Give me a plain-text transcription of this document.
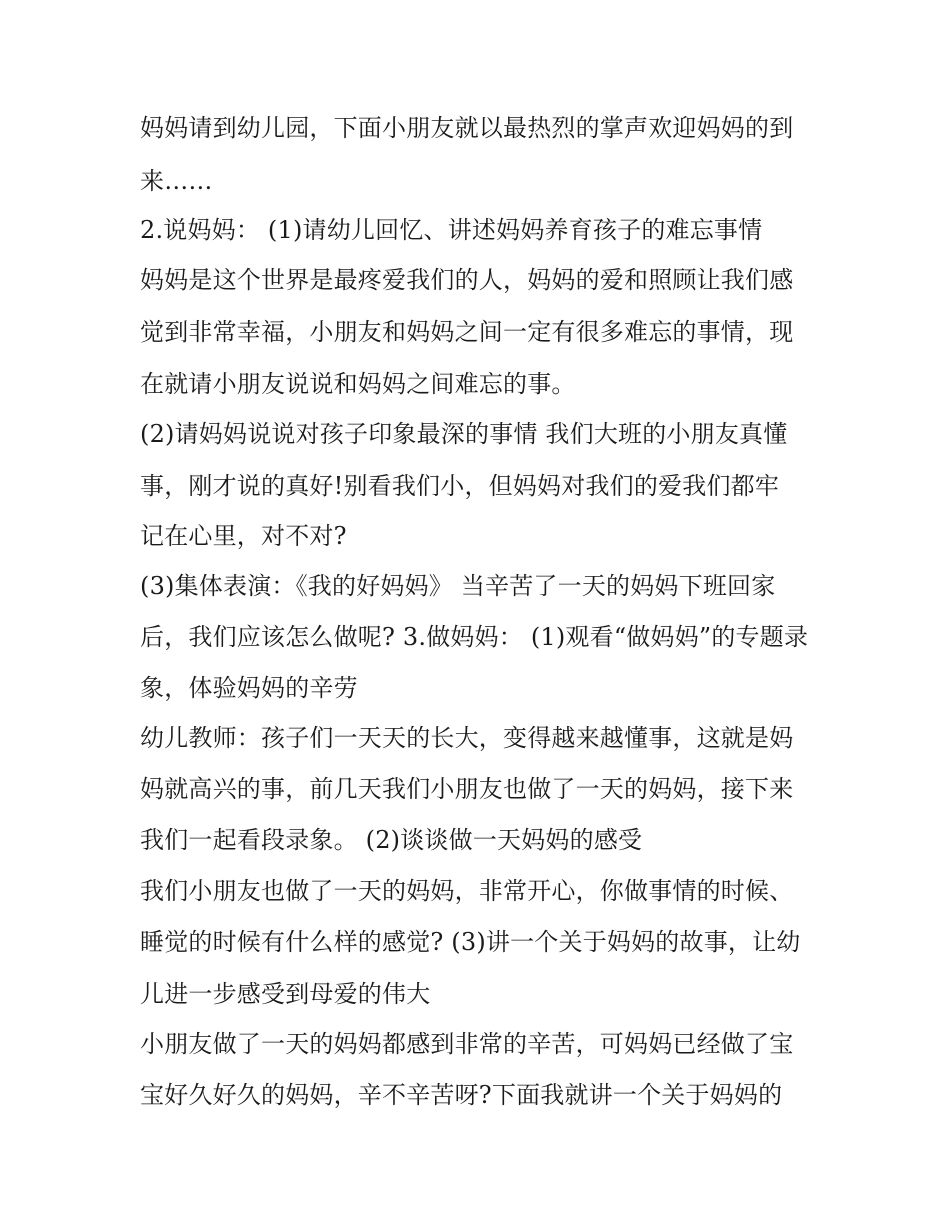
妈妈请到幼儿园，下面小朋友就以最热烈的掌声欢迎妈妈的到
来……
2.说妈妈： (1)请幼儿回忆、讲述妈妈养育孩子的难忘事情
妈妈是这个世界是最疼爱我们的人，妈妈的爱和照顾让我们感
觉到非常幸福，小朋友和妈妈之间一定有很多难忘的事情，现
在就请小朋友说说和妈妈之间难忘的事。
(2)请妈妈说说对孩子印象最深的事情 我们大班的小朋友真懂
事，刚才说的真好!别看我们小，但妈妈对我们的爱我们都牢
记在心里，对不对?
(3)集体表演：《我的好妈妈》 当辛苦了一天的妈妈下班回家
后，我们应该怎么做呢? 3.做妈妈： (1)观看“做妈妈”的专题录
象，体验妈妈的辛劳
幼儿教师：孩子们一天天的长大，变得越来越懂事，这就是妈
妈就高兴的事，前几天我们小朋友也做了一天的妈妈，接下来
我们一起看段录象。 (2)谈谈做一天妈妈的感受
我们小朋友也做了一天的妈妈，非常开心，你做事情的时候、
睡觉的时候有什么样的感觉? (3)讲一个关于妈妈的故事，让幼
儿进一步感受到母爱的伟大
小朋友做了一天的妈妈都感到非常的辛苦，可妈妈已经做了宝
宝好久好久的妈妈，辛不辛苦呀?下面我就讲一个关于妈妈的
